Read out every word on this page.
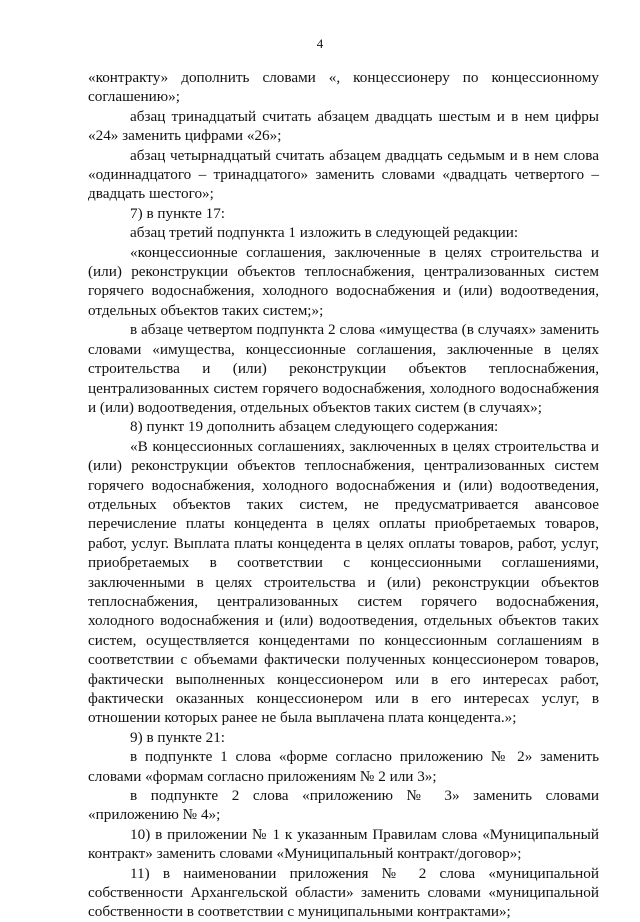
4

«контракту» дополнить словами «, концессионеру по концессионному соглашению»;

абзац тринадцатый считать абзацем двадцать шестым и в нем цифры «24» заменить цифрами «26»;

абзац четырнадцатый считать абзацем двадцать седьмым и в нем слова «одиннадцатого – тринадцатого» заменить словами «двадцать четвертого – двадцать шестого»;

7) в пункте 17:

абзац третий подпункта 1 изложить в следующей редакции:

«концессионные соглашения, заключенные в целях строительства и (или) реконструкции объектов теплоснабжения, централизованных систем горячего водоснабжения, холодного водоснабжения и (или) водоотведения, отдельных объектов таких систем;»;

в абзаце четвертом подпункта 2 слова «имущества (в случаях» заменить словами «имущества, концессионные соглашения, заключенные в целях строительства и (или) реконструкции объектов теплоснабжения, централизованных систем горячего водоснабжения, холодного водоснабжения и (или) водоотведения, отдельных объектов таких систем (в случаях»;

8) пункт 19 дополнить абзацем следующего содержания:

«В концессионных соглашениях, заключенных в целях строительства и (или) реконструкции объектов теплоснабжения, централизованных систем горячего водоснабжения, холодного водоснабжения и (или) водоотведения, отдельных объектов таких систем, не предусматривается авансовое перечисление платы концедента в целях оплаты приобретаемых товаров, работ, услуг. Выплата платы концедента в целях оплаты товаров, работ, услуг, приобретаемых в соответствии с концессионными соглашениями, заключенными в целях строительства и (или) реконструкции объектов теплоснабжения, централизованных систем горячего водоснабжения, холодного водоснабжения и (или) водоотведения, отдельных объектов таких систем, осуществляется концедентами по концессионным соглашениям в соответствии с объемами фактически полученных концессионером товаров, фактически выполненных концессионером или в его интересах работ, фактически оказанных концессионером или в его интересах услуг, в отношении которых ранее не была выплачена плата концедента.»;

9) в пункте 21:

в подпункте 1 слова «форме согласно приложению № 2» заменить словами «формам согласно приложениям № 2 или 3»;

в подпункте 2 слова «приложению № 3» заменить словами «приложению № 4»;

10) в приложении № 1 к указанным Правилам слова «Муниципальный контракт» заменить словами «Муниципальный контракт/договор»;

11) в наименовании приложения № 2 слова «муниципальной собственности Архангельской области» заменить словами «муниципальной собственности в соответствии с муниципальными контрактами»;
